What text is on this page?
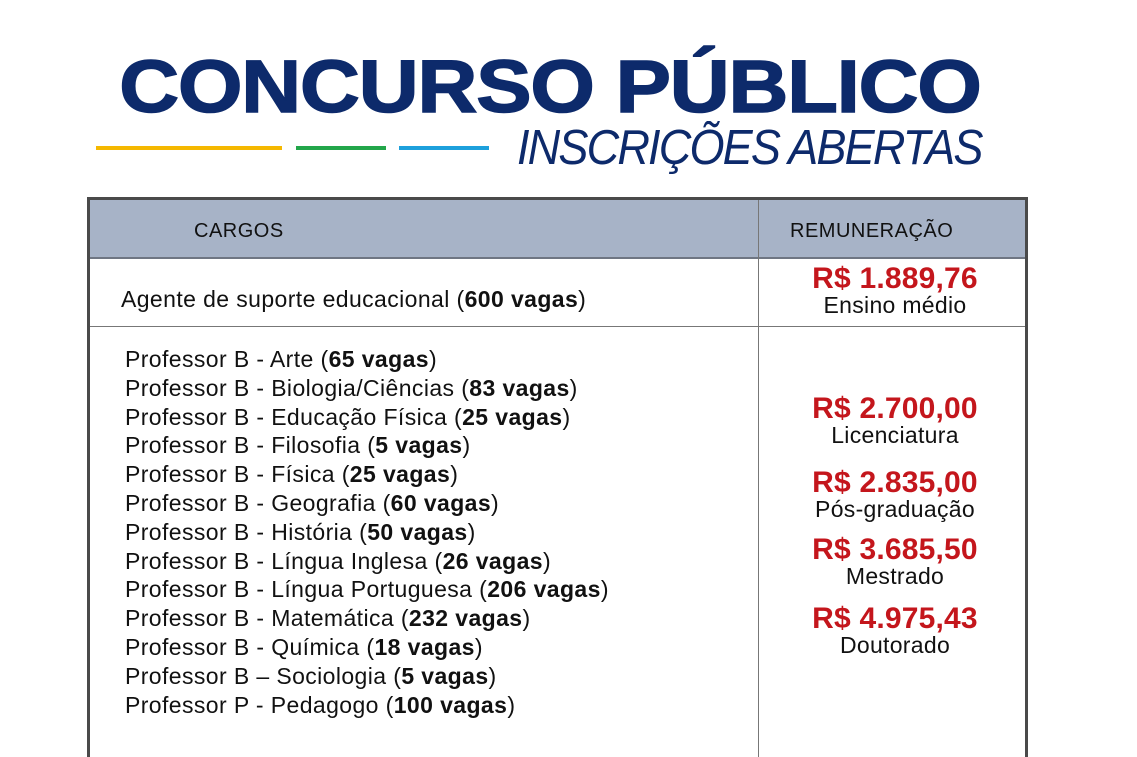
CONCURSO PÚBLICO
INSCRIÇÕES ABERTAS
CARGOS	REMUNERAÇÃO
Agente de suporte educacional (600 vagas)
R$ 1.889,76
Ensino médio
Professor B - Arte (65 vagas)
Professor B - Biologia/Ciências (83 vagas)
Professor B - Educação Física (25 vagas)
Professor B - Filosofia (5 vagas)
Professor B - Física (25 vagas)
Professor B - Geografia (60 vagas)
Professor B - História (50 vagas)
Professor B - Língua Inglesa (26 vagas)
Professor B - Língua Portuguesa (206 vagas)
Professor B - Matemática (232 vagas)
Professor B - Química (18 vagas)
Professor B – Sociologia (5 vagas)
Professor P - Pedagogo (100 vagas)
R$ 2.700,00
Licenciatura
R$ 2.835,00
Pós-graduação
R$ 3.685,50
Mestrado
R$ 4.975,43
Doutorado
